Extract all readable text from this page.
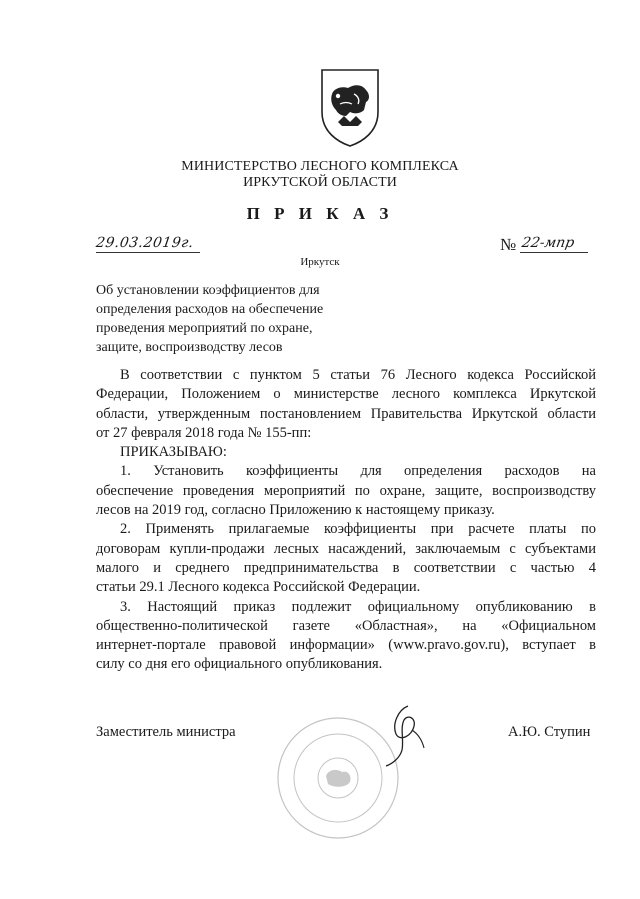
МИНИСТЕРСТВО ЛЕСНОГО КОМПЛЕКСА
ИРКУТСКОЙ ОБЛАСТИ
П Р И К А З
29.03.2019г.	№ 22-мпр
Иркутск
Об установлении коэффициентов для
определения расходов на обеспечение
проведения мероприятий по охране,
защите, воспроизводству лесов
В соответствии с пунктом 5 статьи 76 Лесного кодекса Российской
Федерации, Положением о министерстве лесного комплекса Иркутской
области, утвержденным постановлением Правительства Иркутской области
от 27 февраля 2018 года № 155-пп:
ПРИКАЗЫВАЮ:
1. Установить коэффициенты для определения расходов на
обеспечение проведения мероприятий по охране, защите, воспроизводству
лесов на 2019 год, согласно Приложению к настоящему приказу.
2. Применять прилагаемые коэффициенты при расчете платы по
договорам купли-продажи лесных насаждений, заключаемым с субъектами
малого и среднего предпринимательства в соответствии с частью 4
статьи 29.1 Лесного кодекса Российской Федерации.
3. Настоящий приказ подлежит официальному опубликованию в
общественно-политической газете «Областная», на «Официальном
интернет-портале правовой информации» (www.pravo.gov.ru), вступает в
силу со дня его официального опубликования.
Заместитель министра	А.Ю. Ступин
